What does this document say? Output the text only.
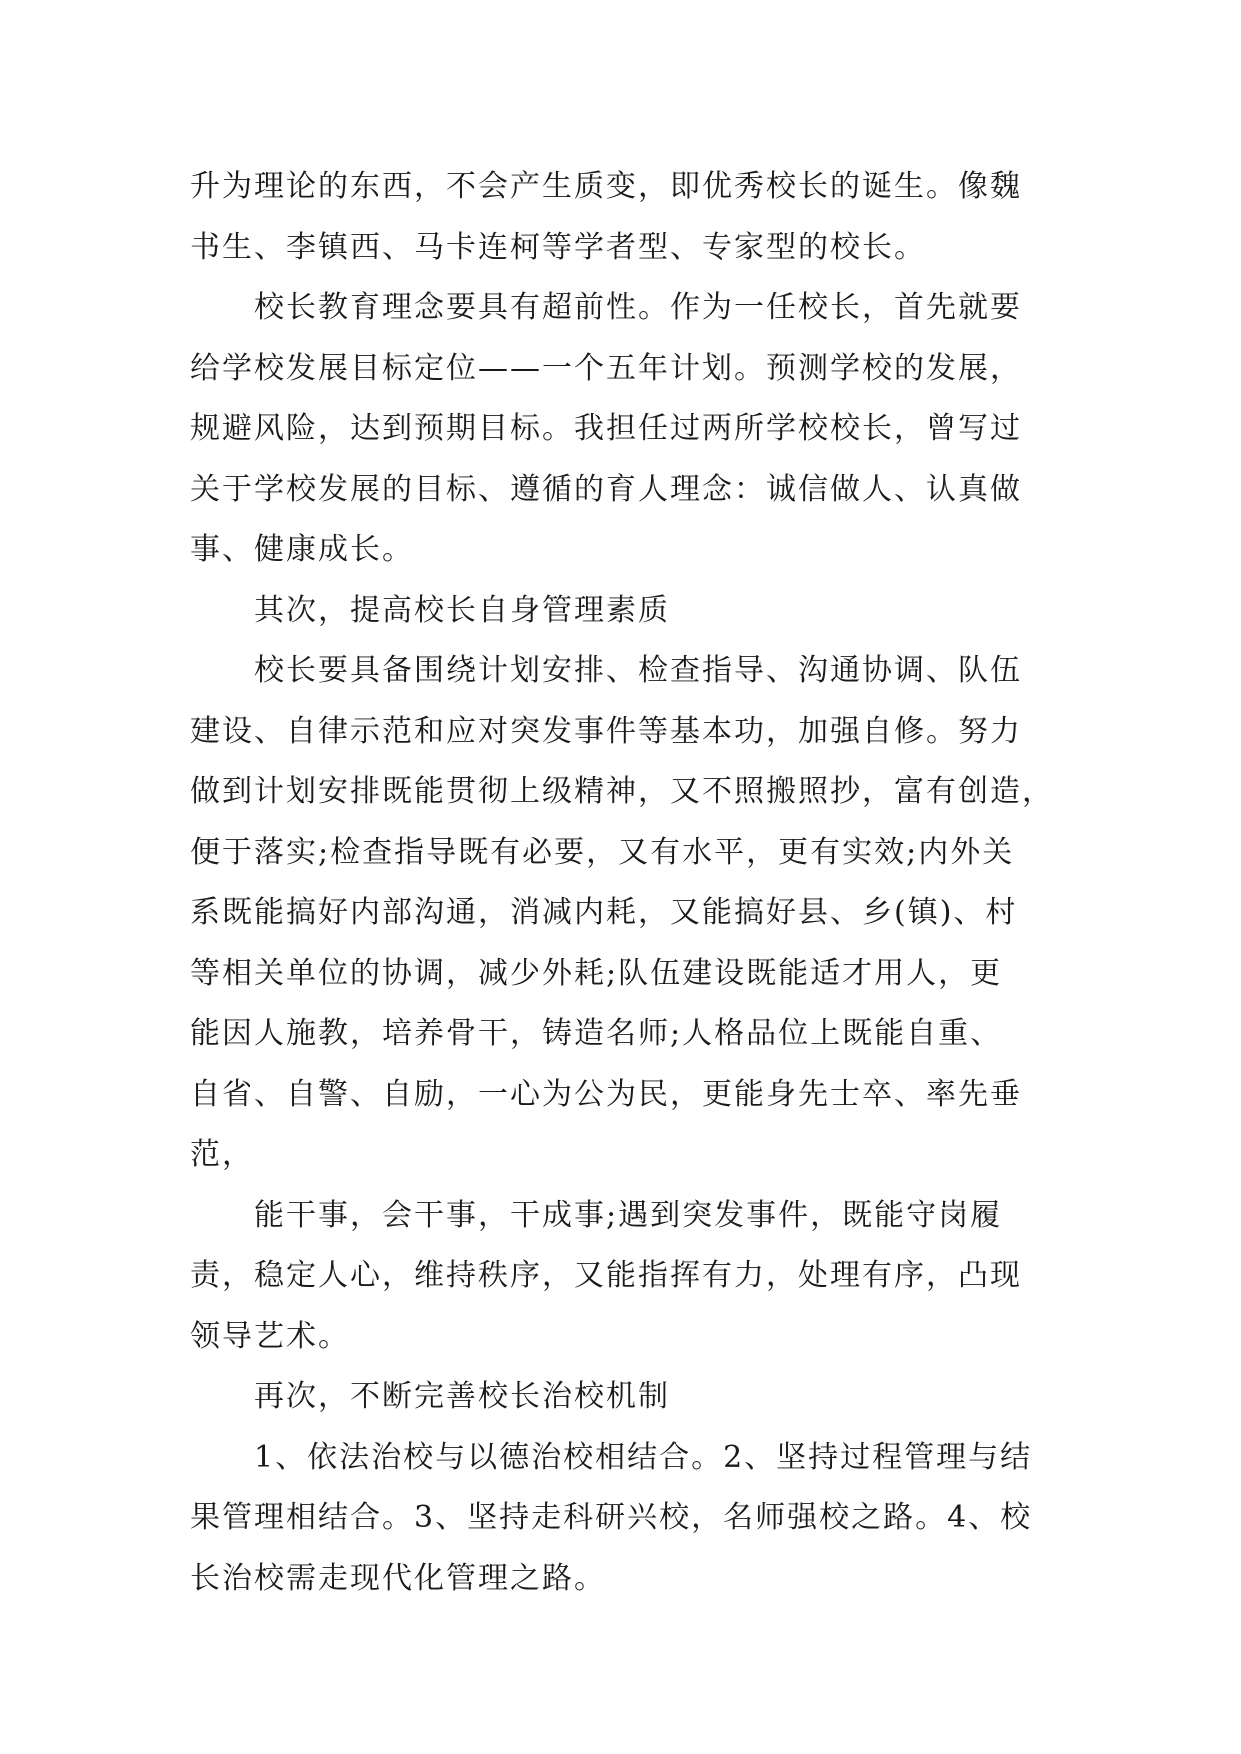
升为理论的东西，不会产生质变，即优秀校长的诞生。像魏
书生、李镇西、马卡连柯等学者型、专家型的校长。
校长教育理念要具有超前性。作为一任校长，首先就要
给学校发展目标定位——一个五年计划。预测学校的发展，
规避风险，达到预期目标。我担任过两所学校校长，曾写过
关于学校发展的目标、遵循的育人理念：诚信做人、认真做
事、健康成长。
其次，提高校长自身管理素质
校长要具备围绕计划安排、检查指导、沟通协调、队伍
建设、自律示范和应对突发事件等基本功，加强自修。努力
做到计划安排既能贯彻上级精神，又不照搬照抄，富有创造，
便于落实;检查指导既有必要，又有水平，更有实效;内外关
系既能搞好内部沟通，消减内耗，又能搞好县、乡(镇)、村
等相关单位的协调，减少外耗;队伍建设既能适才用人，更
能因人施教，培养骨干，铸造名师;人格品位上既能自重、
自省、自警、自励，一心为公为民，更能身先士卒、率先垂
范，
能干事，会干事，干成事;遇到突发事件，既能守岗履
责，稳定人心，维持秩序，又能指挥有力，处理有序，凸现
领导艺术。
再次，不断完善校长治校机制
1、依法治校与以德治校相结合。2、坚持过程管理与结
果管理相结合。3、坚持走科研兴校，名师强校之路。4、校
长治校需走现代化管理之路。
